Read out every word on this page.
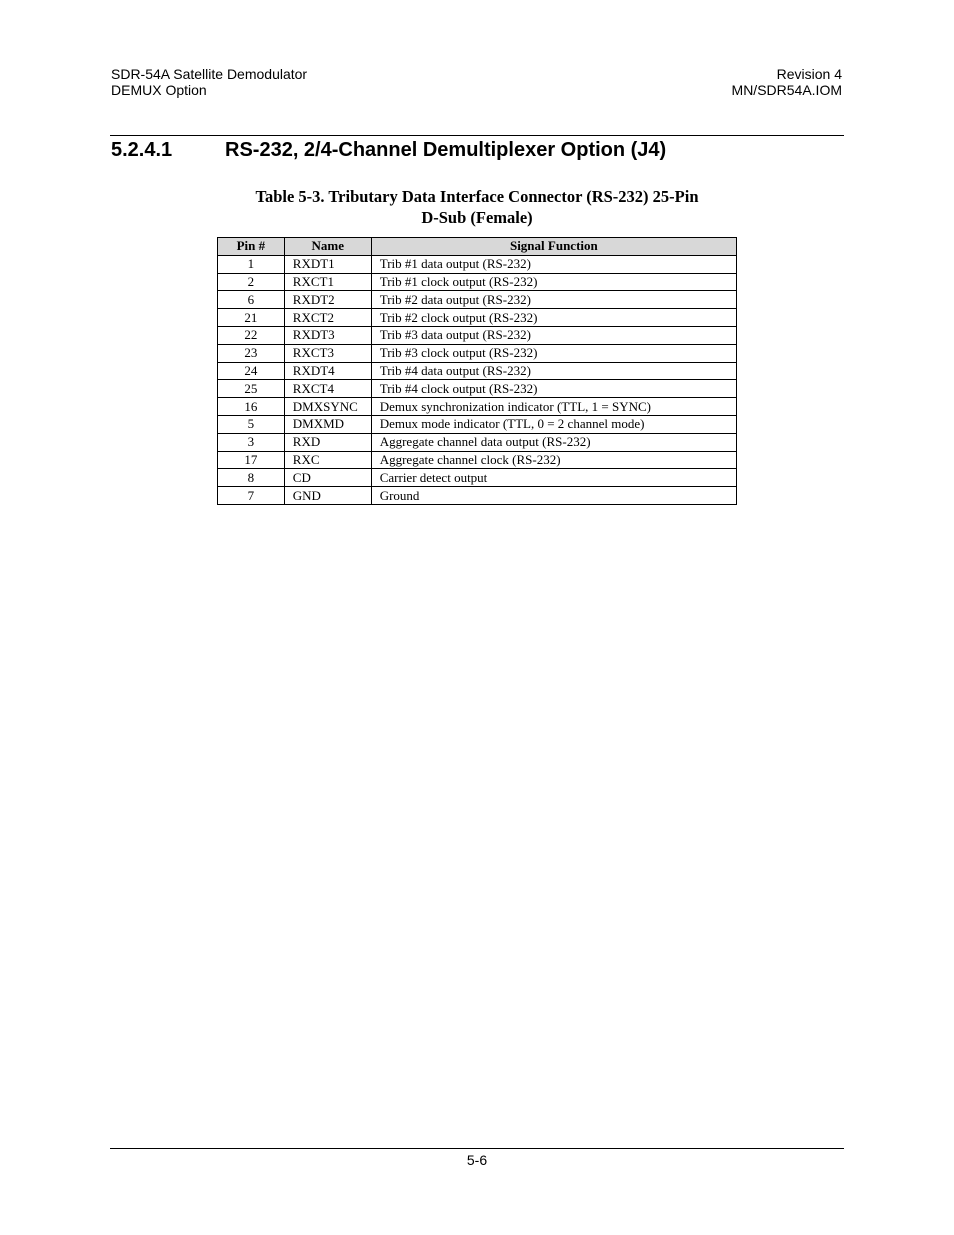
SDR-54A Satellite Demodulator
DEMUX Option
Revision 4
MN/SDR54A.IOM
5.2.4.1	RS-232, 2/4-Channel Demultiplexer Option (J4)
Table 5-3. Tributary Data Interface Connector (RS-232) 25-Pin
D-Sub (Female)
Pin #	Name	Signal Function
1	RXDT1	Trib #1 data output (RS-232)
2	RXCT1	Trib #1 clock output (RS-232)
6	RXDT2	Trib #2 data output (RS-232)
21	RXCT2	Trib #2 clock output (RS-232)
22	RXDT3	Trib #3 data output (RS-232)
23	RXCT3	Trib #3 clock output (RS-232)
24	RXDT4	Trib #4 data output (RS-232)
25	RXCT4	Trib #4 clock output (RS-232)
16	DMXSYNC	Demux synchronization indicator (TTL, 1 = SYNC)
5	DMXMD	Demux mode indicator (TTL, 0 = 2 channel mode)
3	RXD	Aggregate channel data output (RS-232)
17	RXC	Aggregate channel clock (RS-232)
8	CD	Carrier detect output
7	GND	Ground
5-6
